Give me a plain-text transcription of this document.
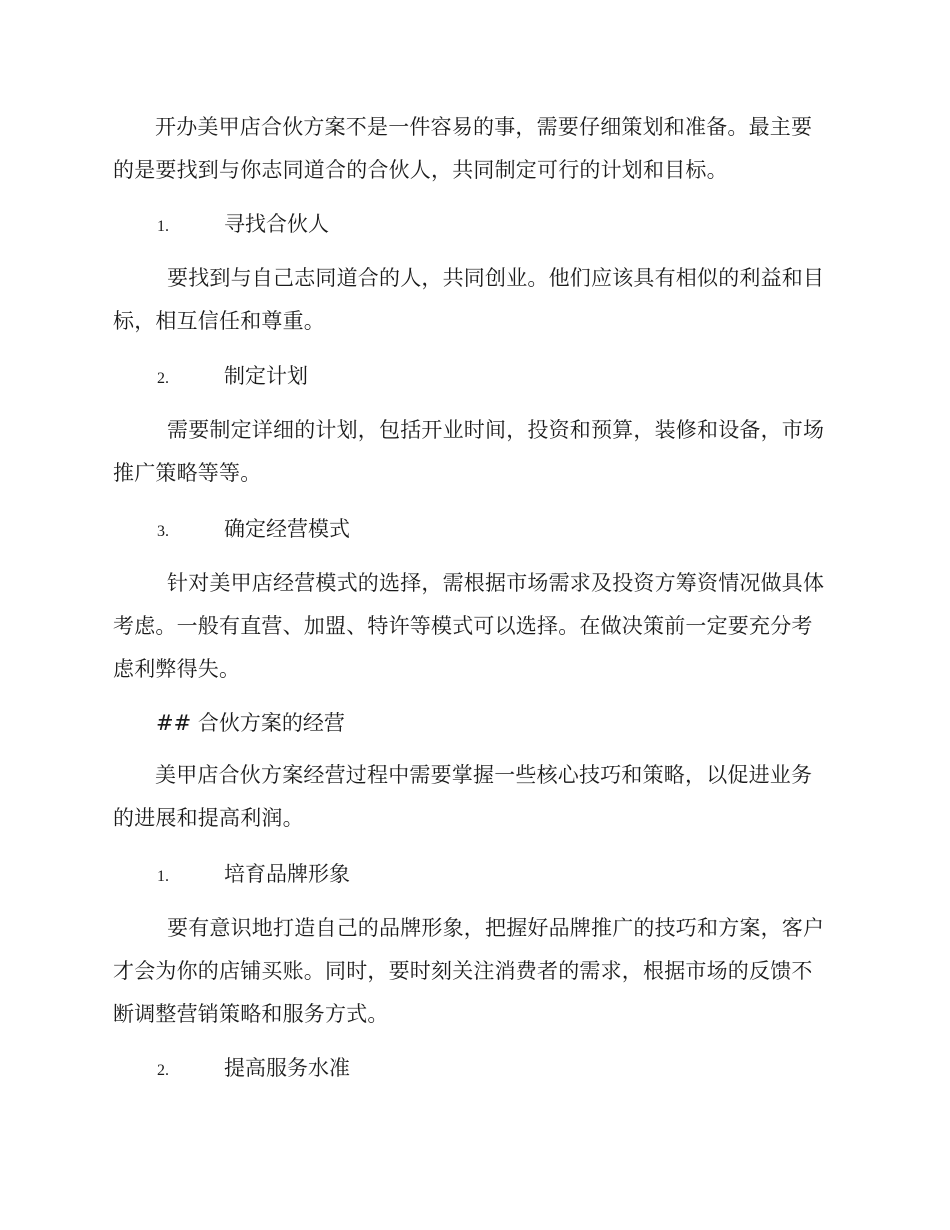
开办美甲店合伙方案不是一件容易的事，需要仔细策划和准备。最主要的是要找到与你志同道合的合伙人，共同制定可行的计划和目标。

1.	寻找合伙人

要找到与自己志同道合的人，共同创业。他们应该具有相似的利益和目标，相互信任和尊重。

2.	制定计划

需要制定详细的计划，包括开业时间，投资和预算，装修和设备，市场推广策略等等。

3.	确定经营模式

针对美甲店经营模式的选择，需根据市场需求及投资方筹资情况做具体考虑。一般有直营、加盟、特许等模式可以选择。在做决策前一定要充分考虑利弊得失。

## 合伙方案的经营

美甲店合伙方案经营过程中需要掌握一些核心技巧和策略，以促进业务的进展和提高利润。

1.	培育品牌形象

要有意识地打造自己的品牌形象，把握好品牌推广的技巧和方案，客户才会为你的店铺买账。同时，要时刻关注消费者的需求，根据市场的反馈不断调整营销策略和服务方式。

2.	提高服务水准
